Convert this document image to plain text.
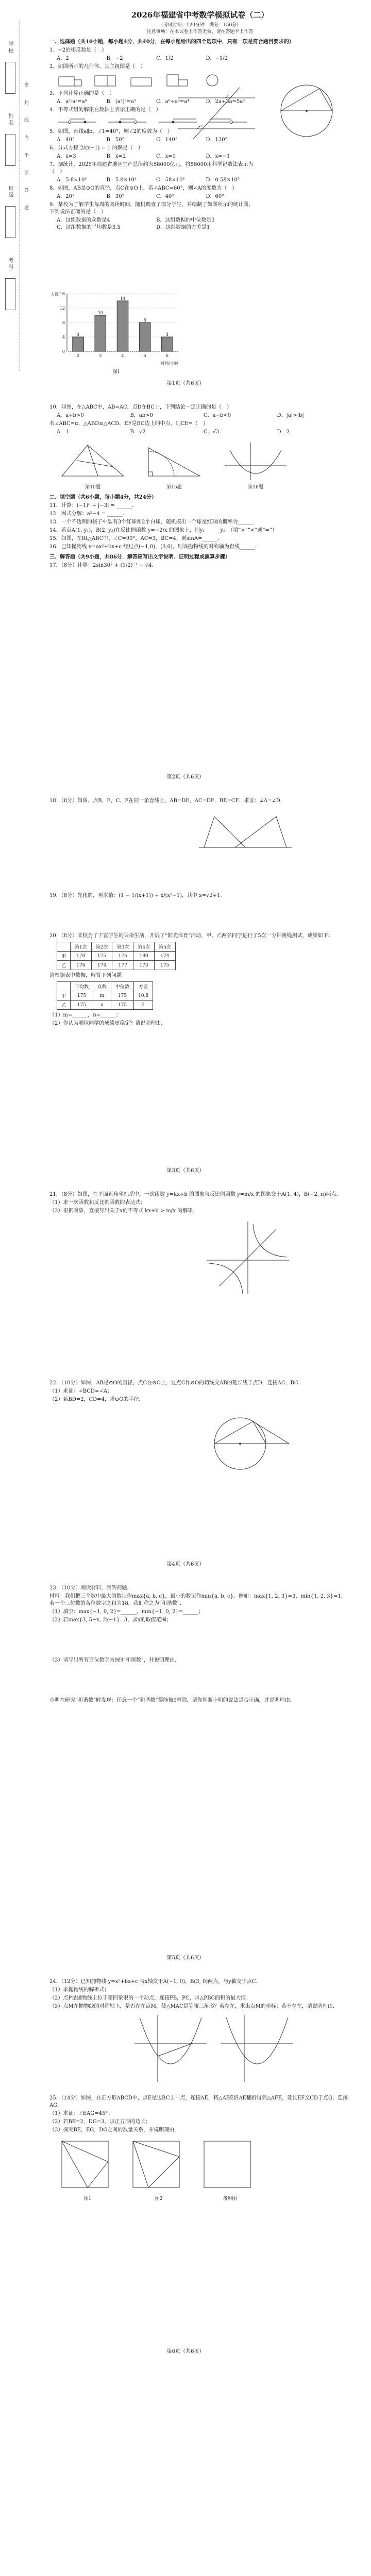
学校
姓名
班级
考号
密　封　线　内　不　要　答　题
2026年福建省中考数学模拟试卷（二）
（考试时间：120分钟　满分：150分）
注意事项：在本试卷上作答无效，请在答题卡上作答
一、选择题（共10小题，每小题4分，共40分，在每小题给出的四个选项中，只有一项是符合题目要求的）
1．−2的相反数是（　）
A．2	B．−2	C．1/2	D．−1/2
2．如图所示的几何体，其主视图是（　）
3．下列计算正确的是（　）
A．a²·a³=a⁶	B．(a²)³=a⁵	C．a⁶÷a²=a⁴	D．2a+3a=5a²
4．不等式组的解集在数轴上表示正确的是（　）
5．如图，直线a∥b，∠1=40°，则∠2的度数为（　）
A．40°	B．50°	C．140°	D．130°
6．分式方程 2/(x−1) = 1 的解是（　）
A．x=3	B．x=2	C．x=1	D．x=−1
7．据统计，2025年福建省地区生产总值约为58000亿元，将58000用科学记数法表示为（　）
A．5.8×10³	B．5.8×10⁴	C．58×10³	D．0.58×10⁵
8．如图，AB是⊙O的直径，点C在⊙O上，若∠ABC=60°，则∠A的度数为（　）
A．20°	B．30°	C．40°	D．60°
9．某校为了解学生每周的阅读时间，随机调查了部分学生，并绘制了如图所示的统计图，下列说法正确的是（　）
A．这组数据的众数是4	B．这组数据的中位数是3
C．这组数据的平均数是3.5	D．这组数据的方差是1

0
4
8
12
16
4
2
10
3
14
4
8
5
4
6
时间/小时
人数
图1
第1页（共6页）
10．如图，在△ABC中，AB=AC，点D在BC上，下列结论一定正确的是（　）
A．a+b>0	B．ab>0	C．a−b<0	D．|a|>|b|
若∠ABC=α，△ABD≌△ACD，EF是BC边上的中点，则CE=（　）
A．1	B．√2	C．√3	D．2
第10题	第15题	第16题
二、填空题（共6小题，每小题4分，共24分）
11．计算：(−1)⁰ + |−3| = ______．
12．因式分解：a²−4 = ______．
13．一个不透明的袋子中装有3个红球和2个白球，随机摸出一个球是红球的概率为______．
14．若点A(1, y₁)，B(2, y₂)在反比例函数 y=−2/x 的图象上，则y₁______y₂．（填“>”“<”或“=”）
15．如图，在Rt△ABC中，∠C=90°，AC=3，BC=4，则sinA=______．
16．已知抛物线 y=ax²+bx+c 经过点(−1,0)，(3,0)，则该抛物线的对称轴为直线______．
三、解答题（共9小题，共86分．解答应写出文字说明、证明过程或演算步骤）
17．（8分）计算：2sin30° + (1/2)⁻¹ − √4．
第2页（共6页）
18．（8分）如图，点B，E，C，F在同一条直线上，AB=DE，AC=DF，BE=CF．求证：∠A=∠D．
19．（8分）先化简，再求值：(1 − 1/(x+1)) ÷ x/(x²−1)，其中 x=√2+1．
20．（8分）某校为了丰富学生的课余生活，开展了“阳光体育”活动，甲、乙两名同学进行了5次一分钟跳绳测试，成绩如下：
	第1次	第2次	第3次	第4次	第5次
甲	170	175	176	180	174
乙	176	174	177	173	175
请根据表中数据，解答下列问题：
	平均数	众数	中位数	方差
甲	175	m	175	10.8
乙	175	n	175	2
（1）m=______，n=______；
（2）你认为哪位同学的成绩更稳定？请说明理由．
第3页（共6页）
21．（8分）如图，在平面直角坐标系中，一次函数 y=kx+b 的图象与反比例函数 y=m/x 的图象交于A(1, 4)，B(−2, n)两点．
（1）求一次函数和反比例函数的表达式；
（2）根据图象，直接写出关于x的不等式 kx+b > m/x 的解集．
22．（10分）如图，AB是⊙O的直径，点C在⊙O上，过点C作⊙O的切线交AB的延长线于点D，连接AC，BC．
（1）求证：∠BCD=∠A；
（2）若BD=2，CD=4，求⊙O的半径．
第4页（共6页）
23．（10分）阅读材料，回答问题．
材料：我们把三个数中最大的数记作max{a, b, c}，最小的数记作min{a, b, c}．例如：max{1, 2, 3}=3，min{1, 2, 3}=1．若一个三位数的各位数字之和为18，我们称之为“和谐数”．
（1）填空：max{−1, 0, 2}=______，min{−1, 0, 2}=______；
（2）若max{3, 5−x, 2x−1}=3，求x的取值范围；
（3）请写出所有百位数字为9的“和谐数”，并说明理由．
小明在研究“和谐数”时发现：任意一个“和谐数”都能被9整除．请你判断小明的说法是否正确，并说明理由．
第5页（共6页）
24．（12分）已知抛物线 y=x²+bx+c 与x轴交于A(−1, 0)，B(3, 0)两点，与y轴交于点C．
（1）求抛物线的解析式；
（2）点P是抛物线上位于第四象限的一个动点，连接PB，PC，求△PBC面积的最大值；
（3）点M在抛物线的对称轴上，是否存在点M，使△MAC是等腰三角形？若存在，求出点M的坐标；若不存在，请说明理由．
25．（14分）如图，在正方形ABCD中，点E是边BC上一点，连接AE，将△ABE沿AE翻折得到△AFE，延长EF交CD于点G，连接AG．
（1）求证：∠EAG=45°；
（2）若BE=2，DG=3，求正方形的边长；
（3）探究BE，EG，DG之间的数量关系，并说明理由．
图1	图2	备用图
第6页（共6页）
